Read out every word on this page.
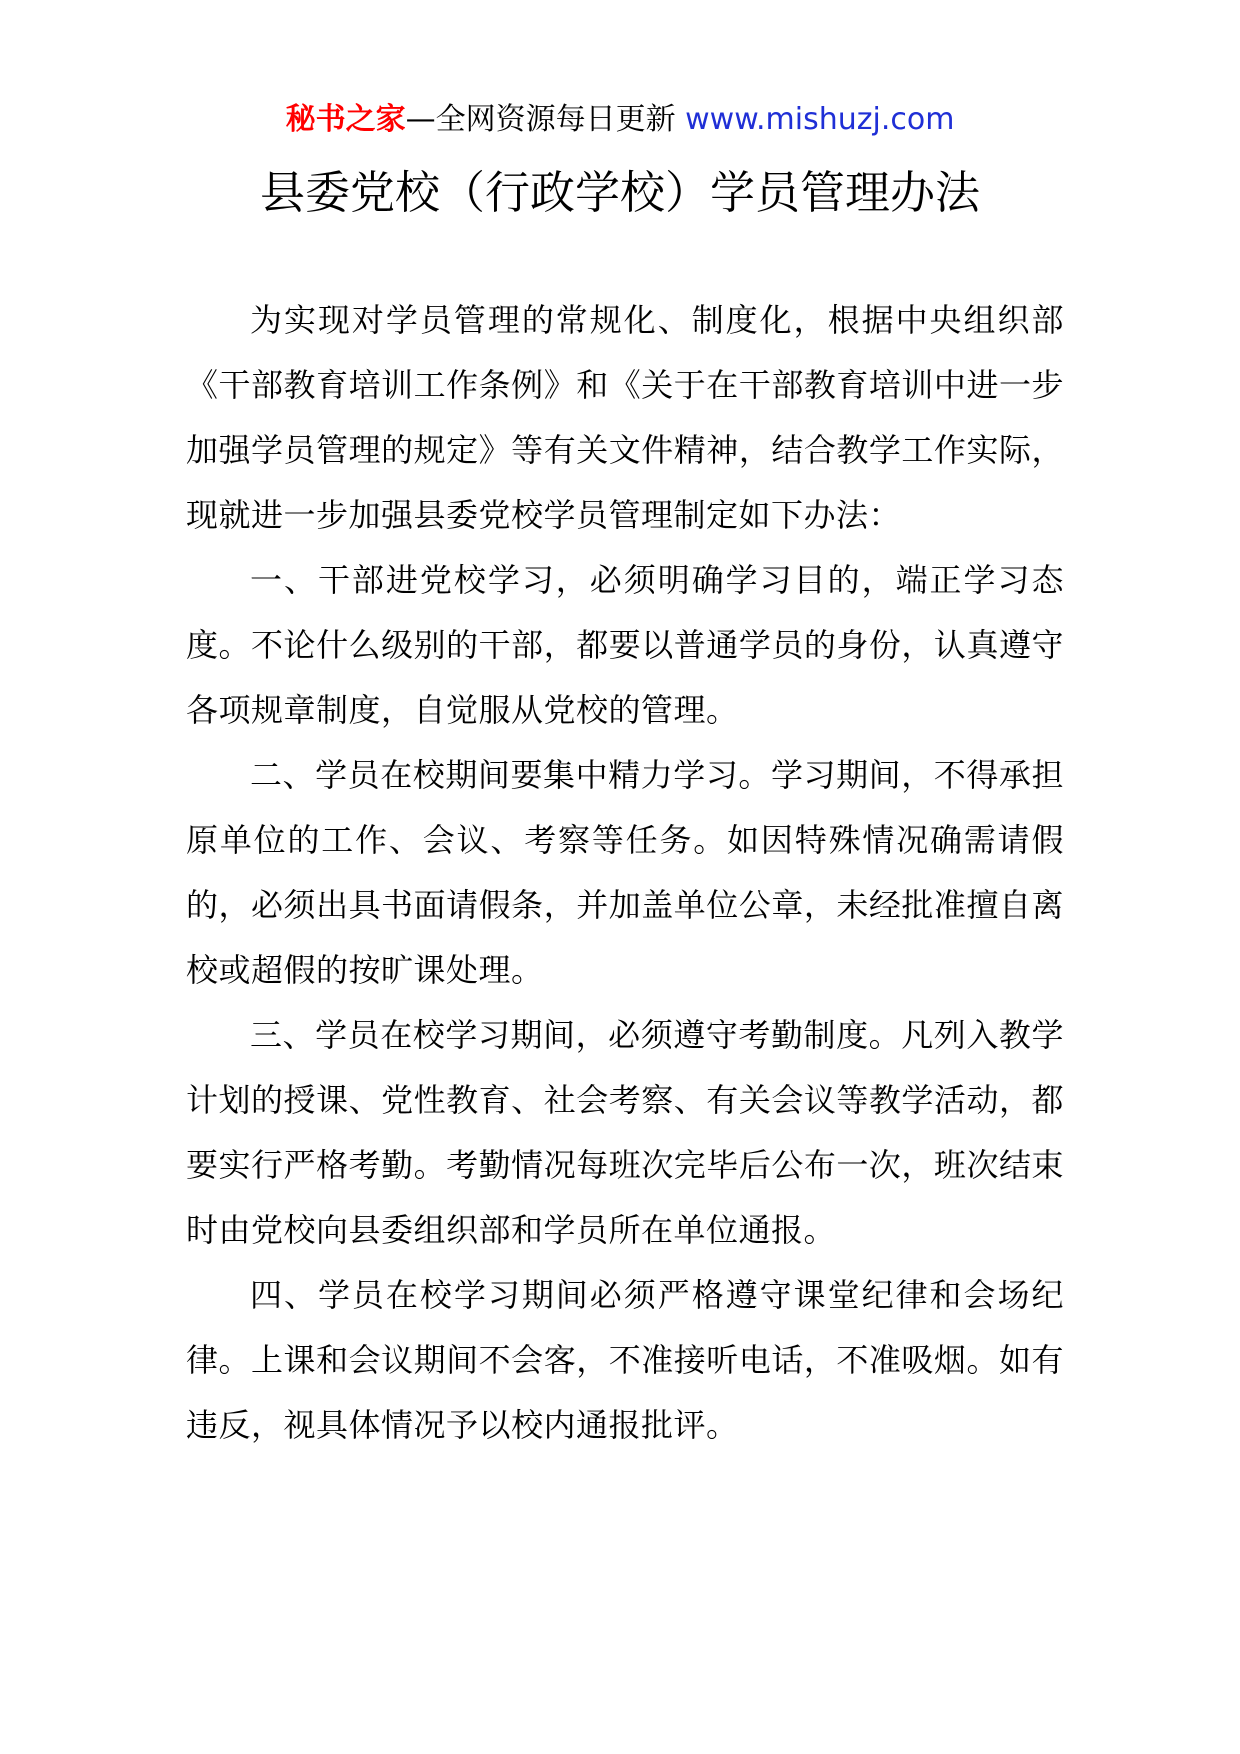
秘书之家—全网资源每日更新 www.mishuzj.com
县委党校（行政学校）学员管理办法

为实现对学员管理的常规化、制度化，根据中央组织部《干部教育培训工作条例》和《关于在干部教育培训中进一步加强学员管理的规定》等有关文件精神，结合教学工作实际，现就进一步加强县委党校学员管理制定如下办法：

一、干部进党校学习，必须明确学习目的，端正学习态度。不论什么级别的干部，都要以普通学员的身份，认真遵守各项规章制度，自觉服从党校的管理。

二、学员在校期间要集中精力学习。学习期间，不得承担原单位的工作、会议、考察等任务。如因特殊情况确需请假的，必须出具书面请假条，并加盖单位公章，未经批准擅自离校或超假的按旷课处理。

三、学员在校学习期间，必须遵守考勤制度。凡列入教学计划的授课、党性教育、社会考察、有关会议等教学活动，都要实行严格考勤。考勤情况每班次完毕后公布一次，班次结束时由党校向县委组织部和学员所在单位通报。

四、学员在校学习期间必须严格遵守课堂纪律和会场纪律。上课和会议期间不会客，不准接听电话，不准吸烟。如有违反，视具体情况予以校内通报批评。
